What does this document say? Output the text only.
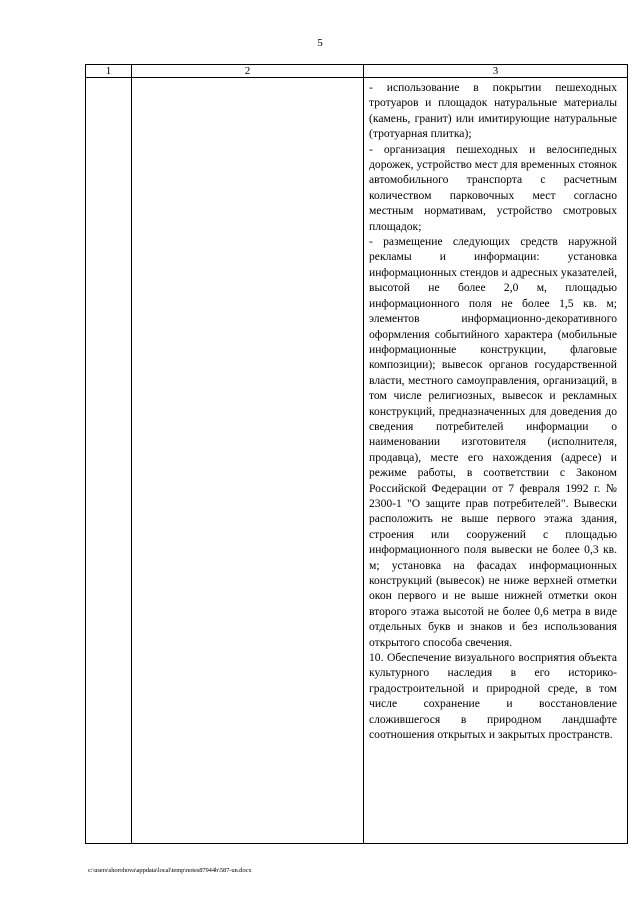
5
1	2	3

		- использование в покрытии пешеходных тротуаров и площадок натуральные материалы (камень, гранит) или имитирующие натуральные (тротуарная плитка);

- организация пешеходных и велосипедных дорожек, устройство мест для временных стоянок автомобильного транспорта с расчетным количеством парковочных мест согласно местным нормативам, устройство смотровых площадок;

- размещение следующих средств наружной рекламы и информации: установка информационных стендов и адресных указателей, высотой не более 2,0 м, площадью информационного поля не более 1,5 кв. м; элементов информационно-декоративного оформления событийного характера (мобильные информационные конструкции, флаговые композиции); вывесок органов государственной власти, местного самоуправления, организаций, в том числе религиозных, вывесок и рекламных конструкций, предназначенных для доведения до сведения потребителей информации о наименовании изготовителя (исполнителя, продавца), месте его нахождения (адресе) и режиме работы, в соответствии с Законом Российской Федерации от 7 февраля 1992 г. № 2300-1 "О защите прав потребителей". Вывески расположить не выше первого этажа здания, строения или сооружений с площадью информационного поля вывески не более 0,3 кв. м; установка на фасадах информационных конструкций (вывесок) не ниже верхней отметки окон первого и не выше нижней отметки окон второго этажа высотой не более 0,6 метра в виде отдельных букв и знаков и без использования открытого способа свечения.

10. Обеспечение визуального восприятия объекта культурного наследия в его историко-градостроительной и природной среде, в том числе сохранение и восстановление сложившегося в природном ландшафте соотношения открытых и закрытых пространств.

c:\users\shorohova\appdata\local\temp\notes87944b\587-un.docx
